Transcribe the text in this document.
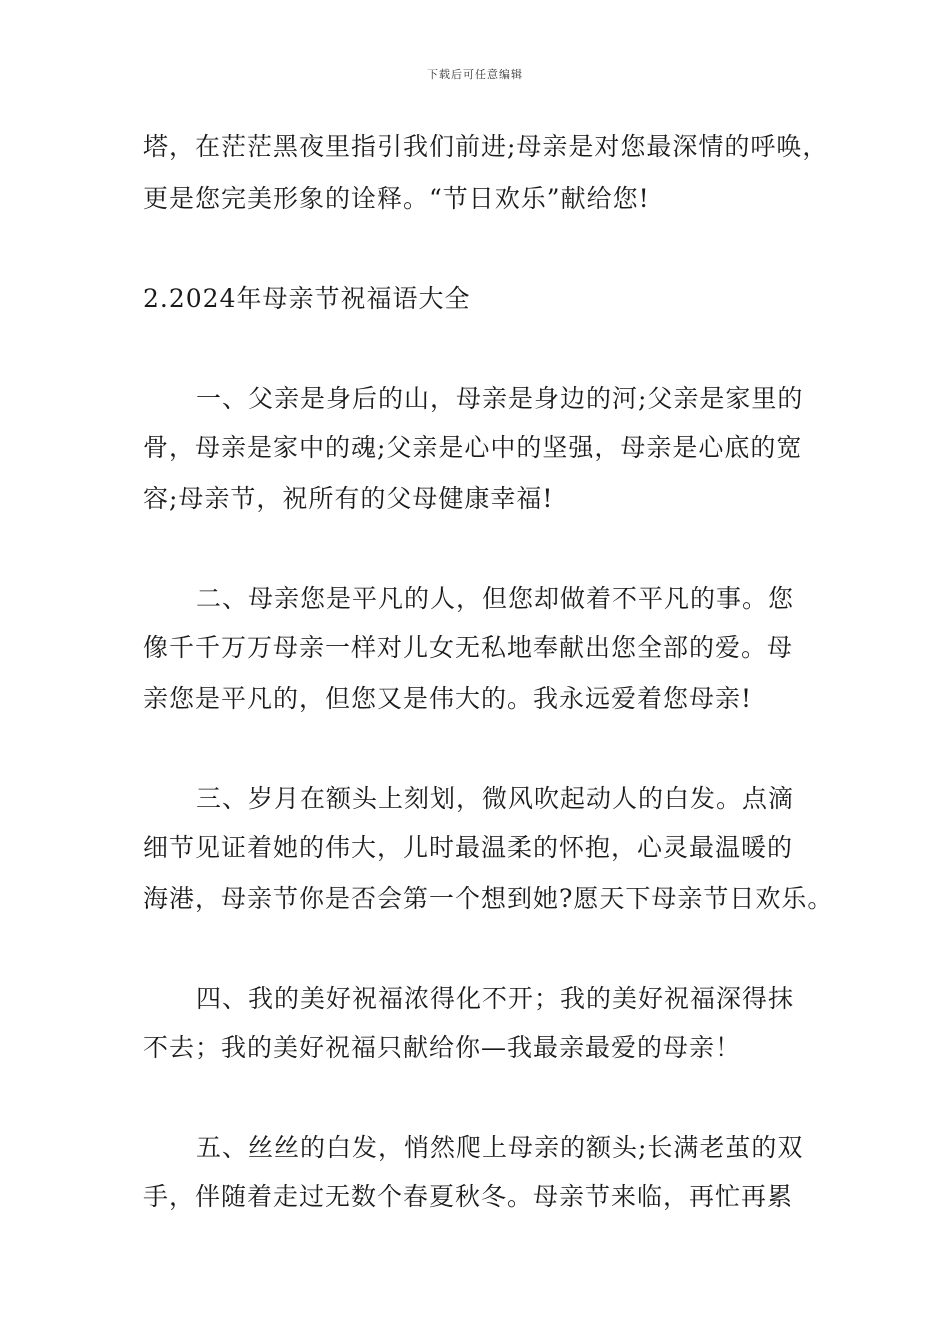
下载后可任意编辑
塔，在茫茫黑夜里指引我们前进;母亲是对您最深情的呼唤，
更是您完美形象的诠释。“节日欢乐”献给您!
2.2024年母亲节祝福语大全
一、父亲是身后的山，母亲是身边的河;父亲是家里的
骨，母亲是家中的魂;父亲是心中的坚强，母亲是心底的宽
容;母亲节，祝所有的父母健康幸福!
二、母亲您是平凡的人，但您却做着不平凡的事。您
像千千万万母亲一样对儿女无私地奉献出您全部的爱。母
亲您是平凡的，但您又是伟大的。我永远爱着您母亲!
三、岁月在额头上刻划，微风吹起动人的白发。点滴
细节见证着她的伟大，儿时最温柔的怀抱，心灵最温暖的
海港，母亲节你是否会第一个想到她?愿天下母亲节日欢乐。
四、我的美好祝福浓得化不开；我的美好祝福深得抹
不去；我的美好祝福只献给你—我最亲最爱的母亲！
五、丝丝的白发，悄然爬上母亲的额头;长满老茧的双
手，伴随着走过无数个春夏秋冬。母亲节来临，再忙再累
